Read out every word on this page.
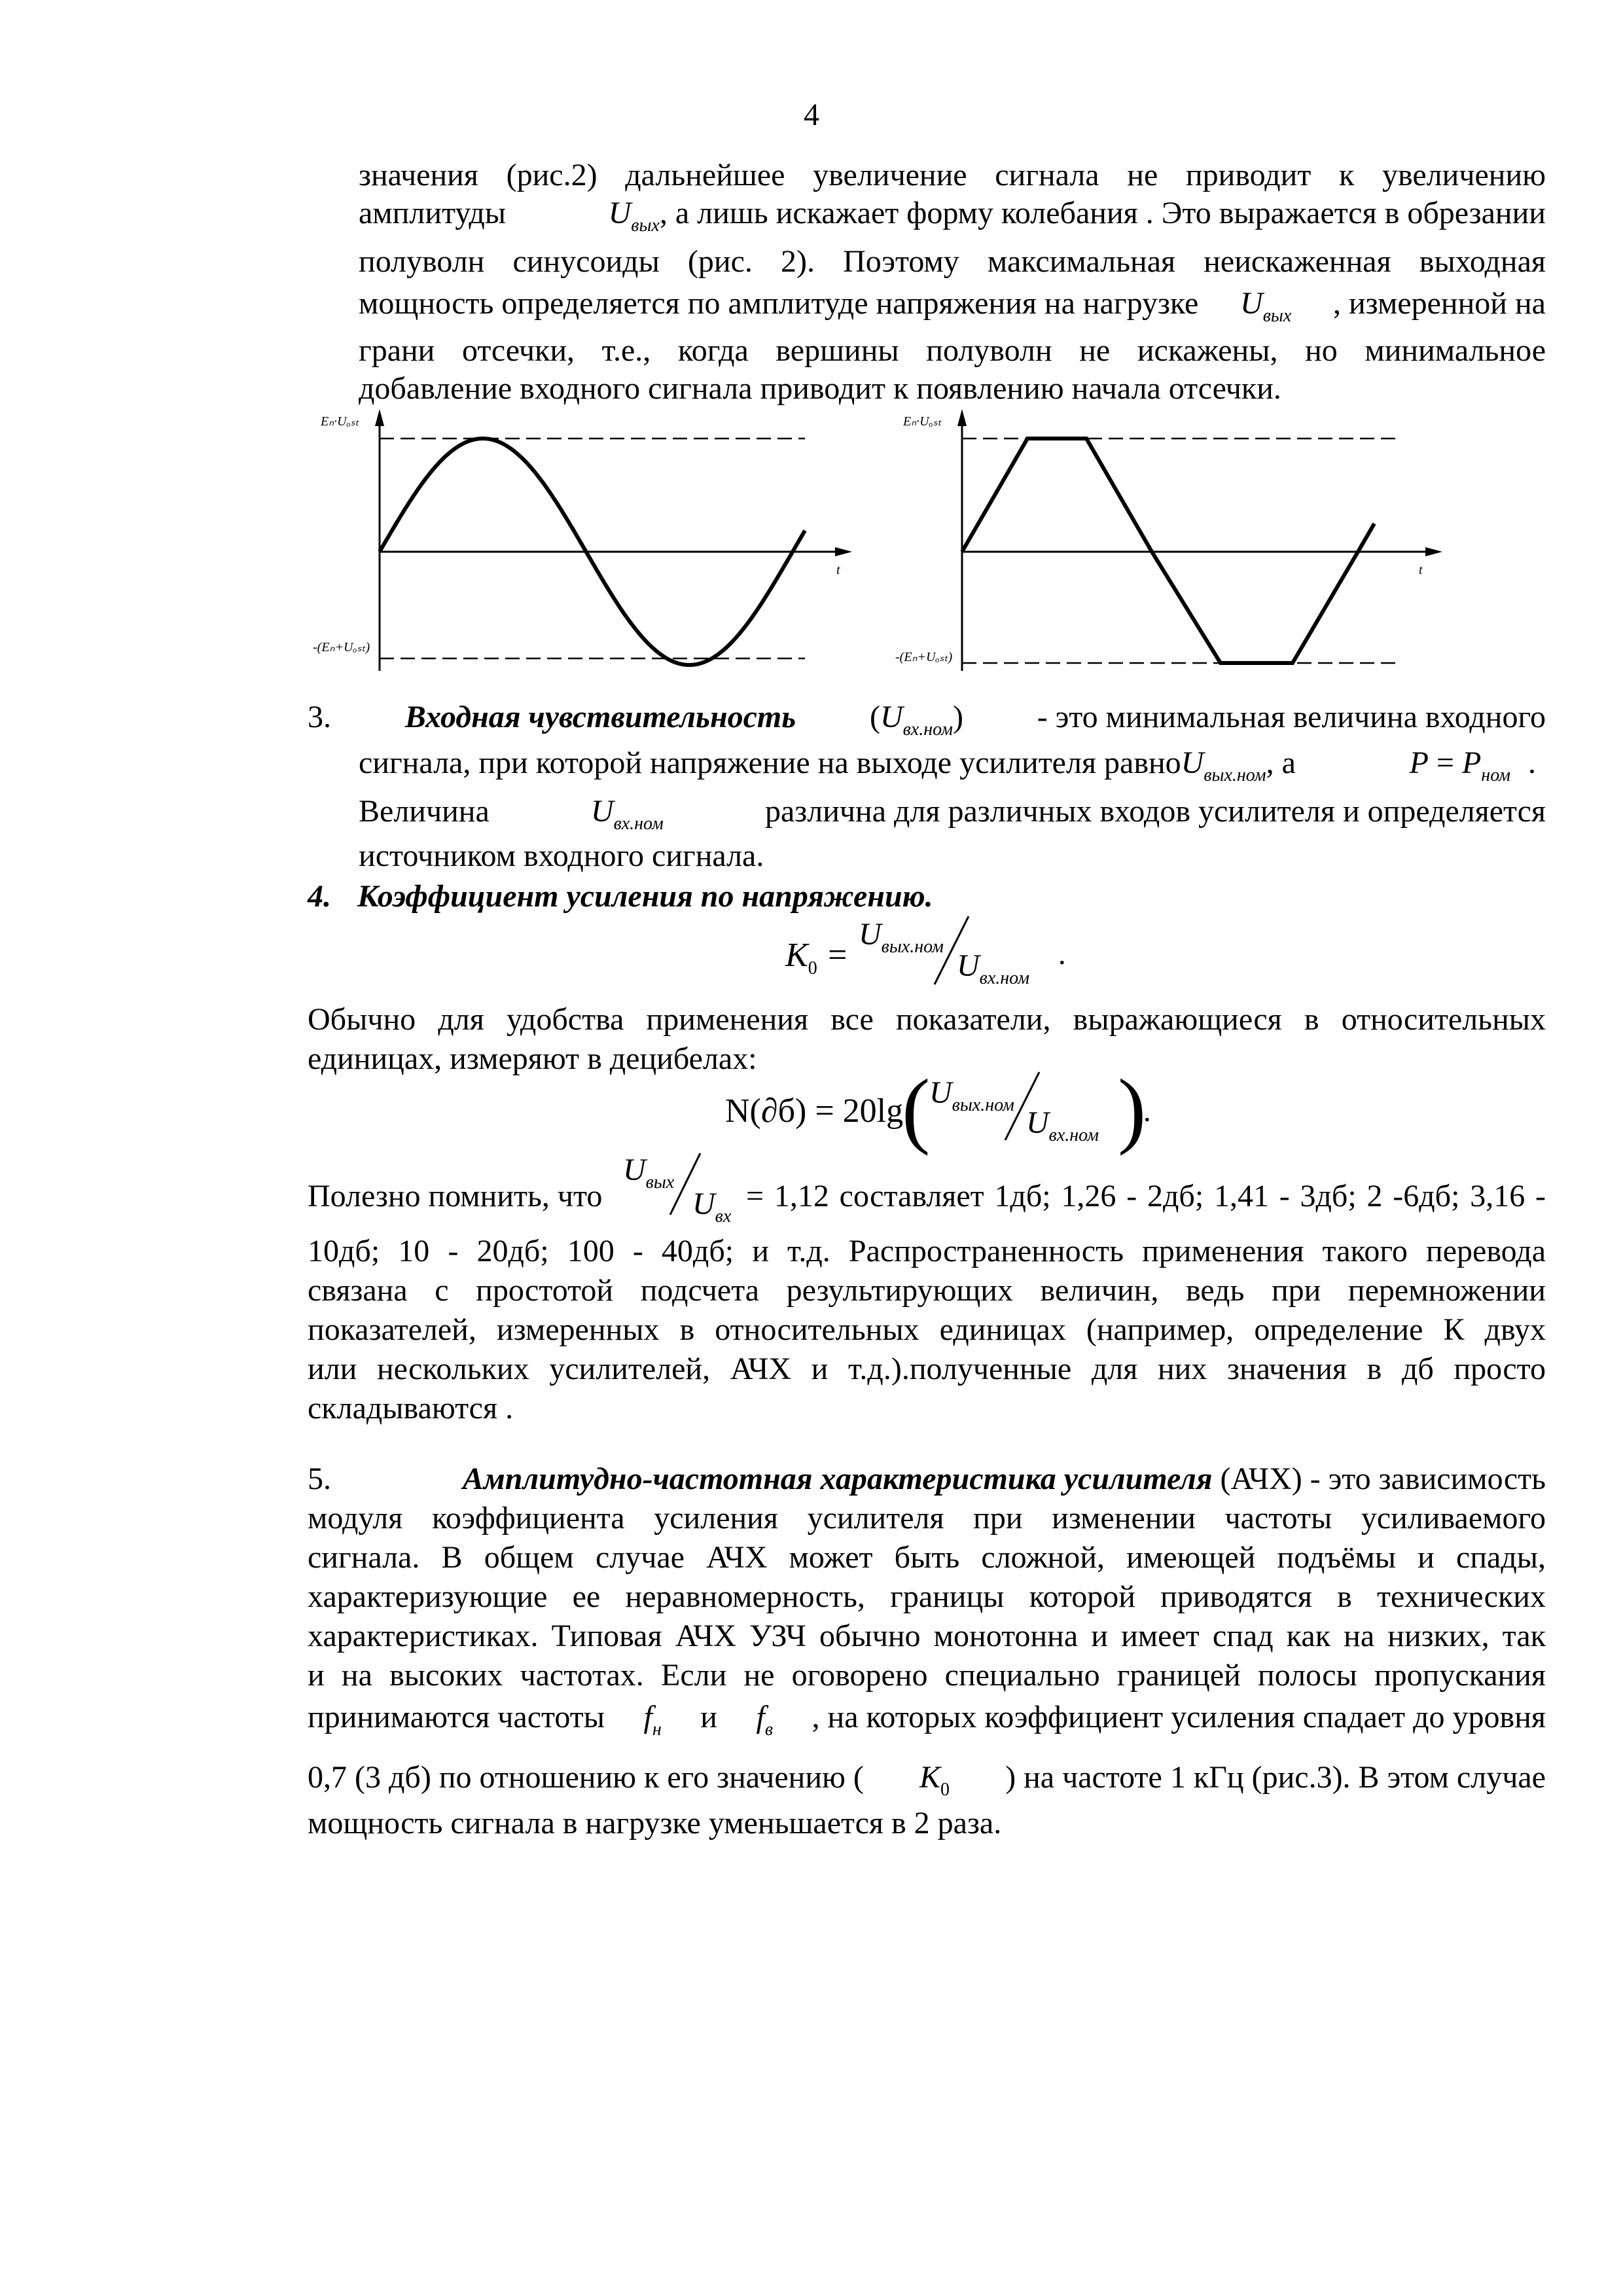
4
значения (рис.2) дальнейшее увеличение сигнала не приводит к увеличению
амплитуды	$U_{вых}$, а лишь искажает форму колебания . Это выражается в обрезании
полуволн синусоиды (рис. 2). Поэтому максимальная неискаженная выходная
мощность определяется по амплитуде напряжения на нагрузке $U_{вых}$ , измеренной на
грани отсечки, т.е., когда вершины полуволн не искажены, но минимальное
добавление входного сигнала приводит к появлению начала отсечки.
Eₙ·Uₒₛₜ
-(Eₙ+Uₒₛₜ)
t
Eₙ·Uₒₛₜ
-(Eₙ+Uₒₛₜ)
t
3. Входная чувствительность $(U_{вх.ном})$ - это минимальная величина входного
сигнала, при которой напряжение на выходе усилителя равноU$_{вых.ном}$, а	$P = P_{ном}$ .
Величина	$U_{вх.ном}$	различна для различных входов усилителя и определяется
источником входного сигнала.
4. Коэффициент усиления по напряжению.
$K_0$ =
$U_{вых.ном}$
$U_{вх.ном}$
.
Обычно для удобства применения все показатели, выражающиеся в относительных
единицах, измеряют в децибелах:
N(∂б) = 20lg
(
$U_{вых.ном}$
$U_{вх.ном}$ )
.
Полезно помнить, что
$U_{вых}$
$U_{вх}$
= 1,12 составляет 1дб; 1,26 - 2дб; 1,41 - 3дб; 2 -6дб; 3,16 -
10дб; 10 - 20дб; 100 - 40дб; и т.д. Распространенность применения такого перевода
связана с простотой подсчета результирующих величин, ведь при перемножении
показателей, измеренных в относительных единицах (например, определение К двух
или нескольких усилителей, АЧХ и т.д.).полученные для них значения в дб просто
складываются .
5.	Амплитудно-частотная характеристика усилителя (АЧХ) - это зависимость
модуля коэффициента усиления усилителя при изменении частоты усиливаемого
сигнала. В общем случае АЧХ может быть сложной, имеющей подъёмы и спады,
характеризующие ее неравномерность, границы которой приводятся в технических
характеристиках. Типовая АЧХ УЗЧ обычно монотонна и имеет спад как на низких, так
и на высоких частотах. Если не оговорено специально границей полосы пропускания
принимаются частоты $f_н$ и $f_в$ , на которых коэффициент усиления спадает до уровня
0,7 (3 дб) по отношению к его значению ( $K_0$ ) на частоте 1 кГц (рис.3). В этом случае
мощность сигнала в нагрузке уменьшается в 2 раза.
